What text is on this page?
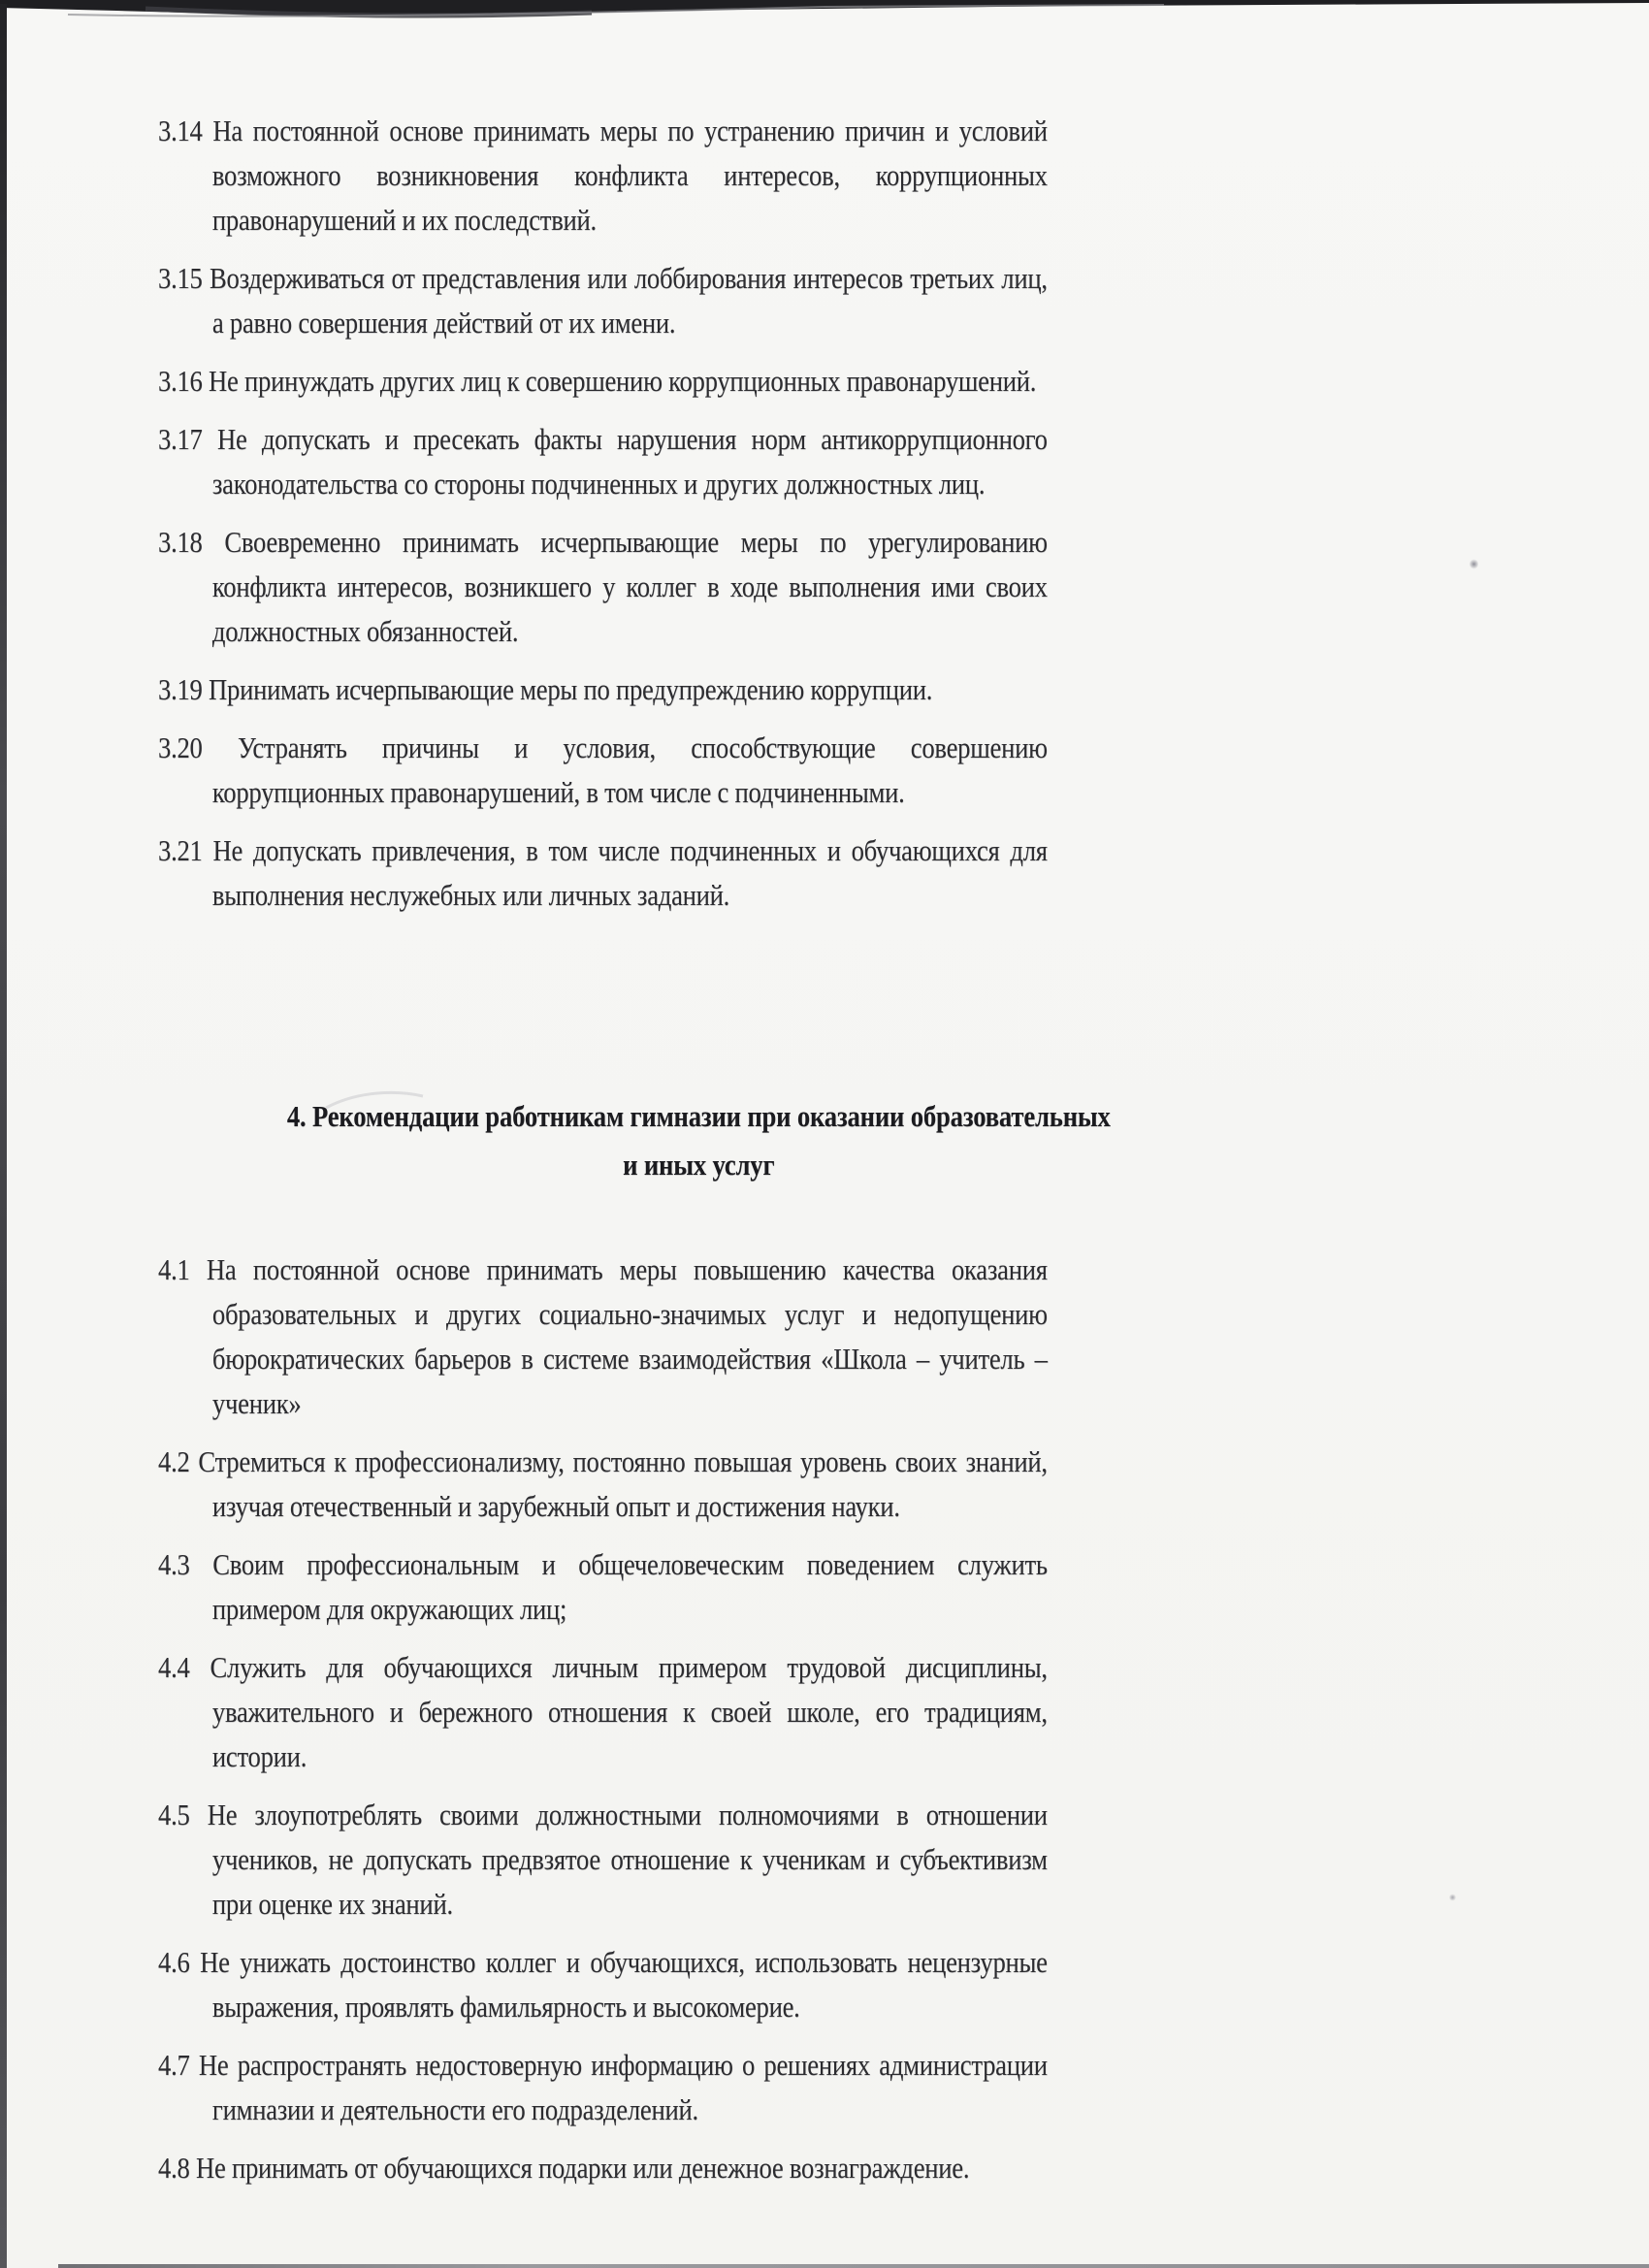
3.14 На постоянной основе принимать меры по устранению причин и условий возможного возникновения конфликта интересов, коррупционных правонарушений и их последствий.

3.15 Воздерживаться от представления или лоббирования интересов третьих лиц, а равно совершения действий от их имени.

3.16 Не принуждать других лиц к совершению коррупционных правонарушений.

3.17 Не допускать и пресекать факты нарушения норм антикоррупционного законодательства со стороны подчиненных и других должностных лиц.

3.18 Своевременно принимать исчерпывающие меры по урегулированию конфликта интересов, возникшего у коллег в ходе выполнения ими своих должностных обязанностей.

3.19 Принимать исчерпывающие меры по предупреждению коррупции.

3.20 Устранять причины и условия, способствующие совершению коррупционных правонарушений, в том числе с подчиненными.

3.21 Не допускать привлечения, в том числе подчиненных и обучающихся для выполнения неслужебных или личных заданий.

4. Рекомендации работникам гимназии при оказании образовательных
и иных услуг

4.1 На постоянной основе принимать меры повышению качества оказания образовательных и других социально-значимых услуг и недопущению бюрократических барьеров в системе взаимодействия «Школа – учитель – ученик»

4.2 Стремиться к профессионализму, постоянно повышая уровень своих знаний, изучая отечественный и зарубежный опыт и достижения науки.

4.3 Своим профессиональным и общечеловеческим поведением служить примером для окружающих лиц;

4.4 Служить для обучающихся личным примером трудовой дисциплины, уважительного и бережного отношения к своей школе, его традициям, истории.

4.5 Не злоупотреблять своими должностными полномочиями в отношении учеников, не допускать предвзятое отношение к ученикам и субъективизм при оценке их знаний.

4.6 Не унижать достоинство коллег и обучающихся, использовать нецензурные выражения, проявлять фамильярность и высокомерие.

4.7 Не распространять недостоверную информацию о решениях администрации гимназии и деятельности его подразделений.

4.8 Не принимать от обучающихся подарки или денежное вознаграждение.
